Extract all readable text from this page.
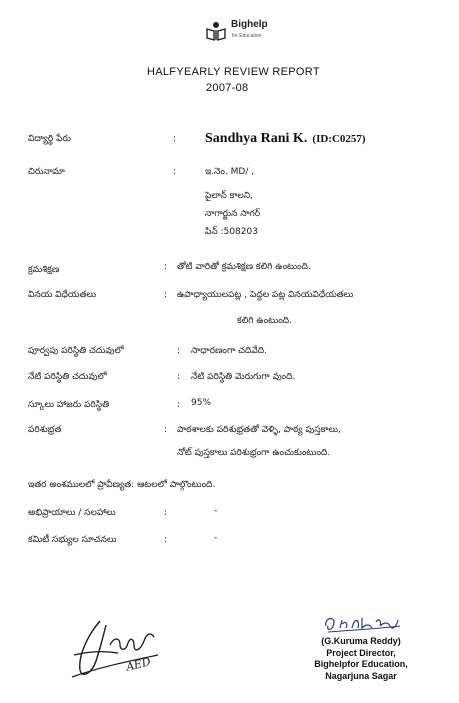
Bighelp
for Education
HALFYEARLY REVIEW REPORT
2007-08
విద్యార్థి పేరు	: Sandhya Rani K. (ID:C0257)
చిరునామా	:	ఇ.నెం. MD/ ,
పైలాన్ కాలని,
నాగార్జున సాగర్
పిన్ :508203
క్రమశిక్షణ	: తోటి వారితో క్రమశిక్షణ కలిగి ఉంటుంది.
వినయ విధేయతలు	: ఉపాధ్యాయులపట్ల , పెద్దల పట్ల వినయవిధేయతలు
కలిగి ఉంటుంది.
పూర్వపు పరిస్థితి చదువులో	: సాధారణంగా చదివేది.
నేటి పరిస్థితి చదువులో	: నేటి పరిస్థితి మెరుగుగా వుంది.
స్కూలు హాజరు పరిస్థితి	: 95%
పరిశుభ్రత	: పాఠశాలకు పరిశుభ్రతతో వెళ్ళి, పాఠ్య పుస్తకాలు,
నోట్ పుస్తకాలు పరిశుభ్రంగా ఉంచుకుంటుంది.
ఇతర అంశములలో ప్రావీణ్యత: ఆటలలో పాల్గొంటుంది.
అభిప్రాయాలు / సలహాలు	:	-
కమిటీ సభ్యుల సూచనలు	:	-
AED
(G.Kuruma Reddy)
Project Director,
Bighelpfor Education,
Nagarjuna Sagar
